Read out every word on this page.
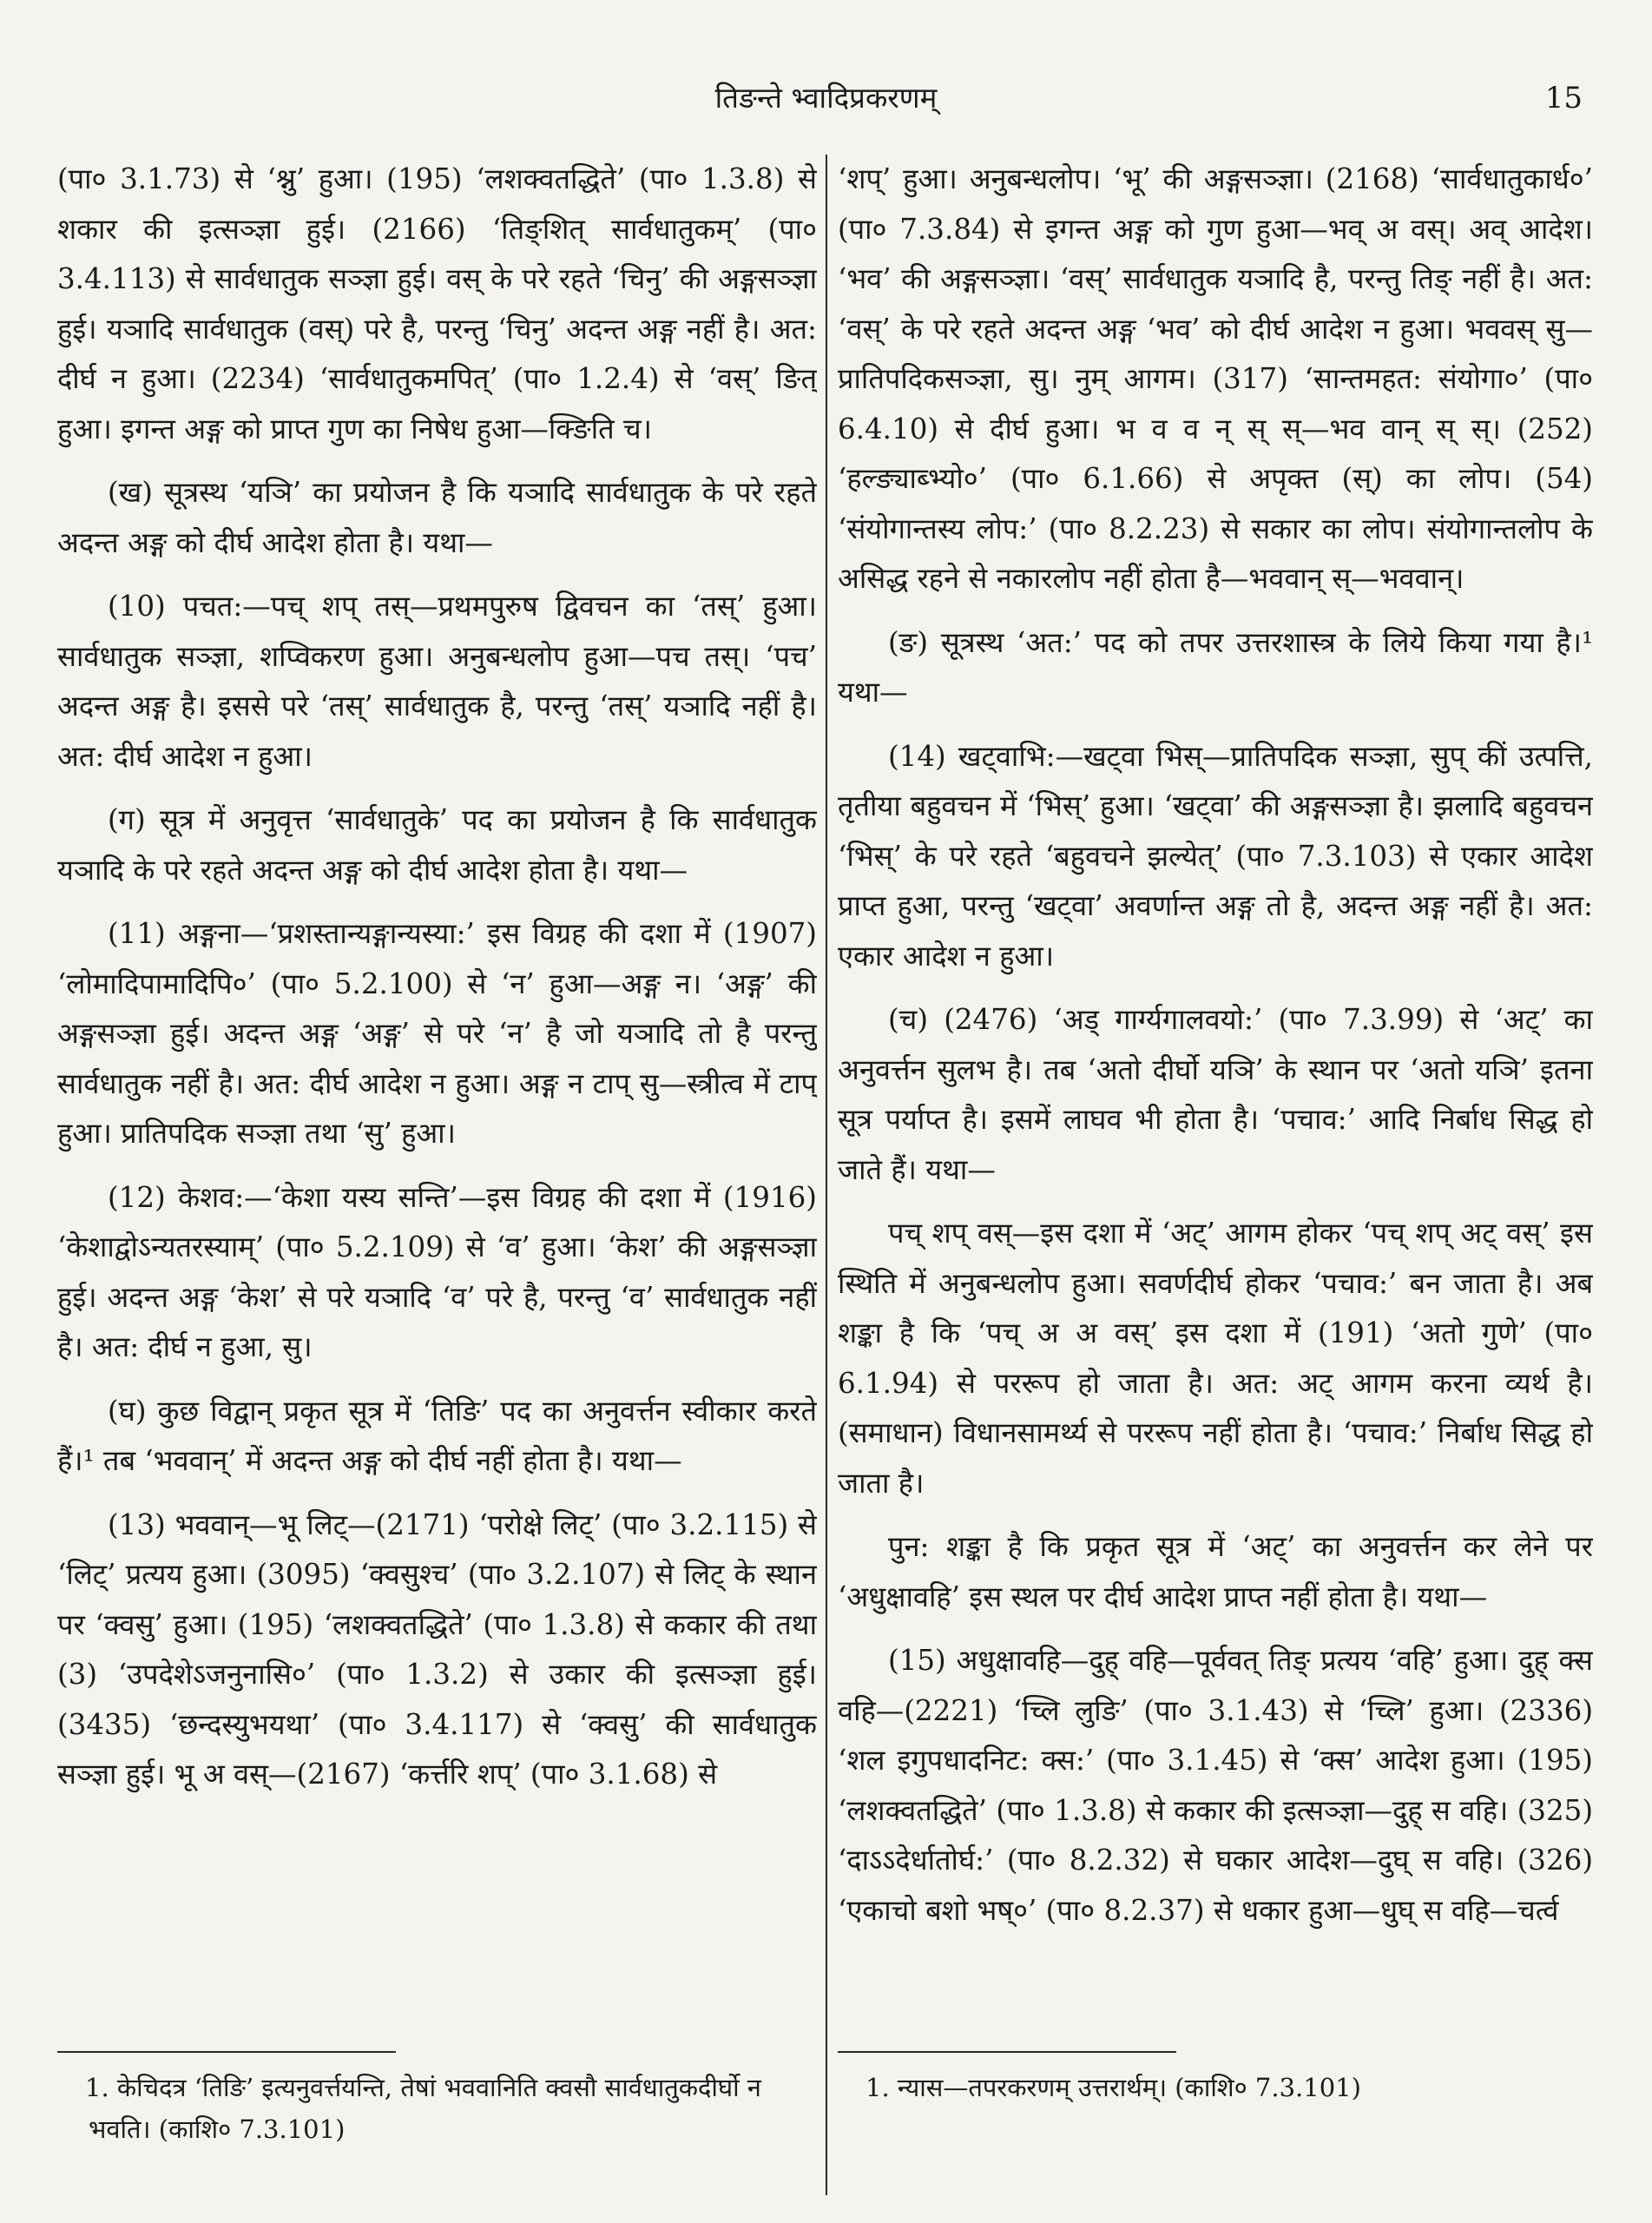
तिङन्ते भ्वादिप्रकरणम्	15

(पा० 3.1.73) से ‘श्नु’ हुआ। (195) ‘लशक्वतद्धिते’ (पा० 1.3.8) से शकार की इत्सञ्ज्ञा हुई। (2166) ‘तिङ्शित् सार्वधातुकम्’ (पा० 3.4.113) से सार्वधातुक सञ्ज्ञा हुई। वस् के परे रहते ‘चिनु’ की अङ्गसञ्ज्ञा हुई। यञादि सार्वधातुक (वस्) परे है, परन्तु ‘चिनु’ अदन्त अङ्ग नहीं है। अत: दीर्घ न हुआ। (2234) ‘सार्वधातुकमपित्’ (पा० 1.2.4) से ‘वस्’ ङित् हुआ। इगन्त अङ्ग को प्राप्त गुण का निषेध हुआ—क्ङिति च।

(ख) सूत्रस्थ ‘यञि’ का प्रयोजन है कि यञादि सार्वधातुक के परे रहते अदन्त अङ्ग को दीर्घ आदेश होता है। यथा—

(10) पचत:—पच् शप् तस्—प्रथमपुरुष द्विवचन का ‘तस्’ हुआ। सार्वधातुक सञ्ज्ञा, शप्विकरण हुआ। अनुबन्धलोप हुआ—पच तस्। ‘पच’ अदन्त अङ्ग है। इससे परे ‘तस्’ सार्वधातुक है, परन्तु ‘तस्’ यञादि नहीं है। अत: दीर्घ आदेश न हुआ।

(ग) सूत्र में अनुवृत्त ‘सार्वधातुके’ पद का प्रयोजन है कि सार्वधातुक यञादि के परे रहते अदन्त अङ्ग को दीर्घ आदेश होता है। यथा—

(11) अङ्गना—‘प्रशस्तान्यङ्गान्यस्या:’ इस विग्रह की दशा में (1907) ‘लोमादिपामादिपि०’ (पा० 5.2.100) से ‘न’ हुआ—अङ्ग न। ‘अङ्ग’ की अङ्गसञ्ज्ञा हुई। अदन्त अङ्ग ‘अङ्ग’ से परे ‘न’ है जो यञादि तो है परन्तु सार्वधातुक नहीं है। अत: दीर्घ आदेश न हुआ। अङ्ग न टाप् सु—स्त्रीत्व में टाप् हुआ। प्रातिपदिक सञ्ज्ञा तथा ‘सु’ हुआ।

(12) केशव:—‘केशा यस्य सन्ति’—इस विग्रह की दशा में (1916) ‘केशाद्वोऽन्यतरस्याम्’ (पा० 5.2.109) से ‘व’ हुआ। ‘केश’ की अङ्गसञ्ज्ञा हुई। अदन्त अङ्ग ‘केश’ से परे यञादि ‘व’ परे है, परन्तु ‘व’ सार्वधातुक नहीं है। अत: दीर्घ न हुआ, सु।

(घ) कुछ विद्वान् प्रकृत सूत्र में ‘तिङि’ पद का अनुवर्त्तन स्वीकार करते हैं।¹ तब ‘भववान्’ में अदन्त अङ्ग को दीर्घ नहीं होता है। यथा—

(13) भववान्—भू लिट्—(2171) ‘परोक्षे लिट्’ (पा० 3.2.115) से ‘लिट्’ प्रत्यय हुआ। (3095) ‘क्वसुश्च’ (पा० 3.2.107) से लिट् के स्थान पर ‘क्वसु’ हुआ। (195) ‘लशक्वतद्धिते’ (पा० 1.3.8) से ककार की तथा (3) ‘उपदेशेऽजनुनासि०’ (पा० 1.3.2) से उकार की इत्सञ्ज्ञा हुई। (3435) ‘छन्दस्युभयथा’ (पा० 3.4.117) से ‘क्वसु’ की सार्वधातुक सञ्ज्ञा हुई। भू अ वस्—(2167) ‘कर्त्तरि शप्’ (पा० 3.1.68) से

1. केचिदत्र ‘तिङि’ इत्यनुवर्त्तयन्ति, तेषां भववानिति क्वसौ सार्वधातुकदीर्घो न भवति। (काशि० 7.3.101)

‘शप्’ हुआ। अनुबन्धलोप। ‘भू’ की अङ्गसञ्ज्ञा। (2168) ‘सार्वधातुकार्ध०’ (पा० 7.3.84) से इगन्त अङ्ग को गुण हुआ—भव् अ वस्। अव् आदेश। ‘भव’ की अङ्गसञ्ज्ञा। ‘वस्’ सार्वधातुक यञादि है, परन्तु तिङ् नहीं है। अत: ‘वस्’ के परे रहते अदन्त अङ्ग ‘भव’ को दीर्घ आदेश न हुआ। भववस् सु—प्रातिपदिकसञ्ज्ञा, सु। नुम् आगम। (317) ‘सान्तमहत: संयोगा०’ (पा० 6.4.10) से दीर्घ हुआ। भ व व न् स् स्—भव वान् स् स्। (252) ‘हल्ङ्याब्भ्यो०’ (पा० 6.1.66) से अपृक्त (स्) का लोप। (54) ‘संयोगान्तस्य लोप:’ (पा० 8.2.23) से सकार का लोप। संयोगान्तलोप के असिद्ध रहने से नकारलोप नहीं होता है—भववान् स्—भववान्।

(ङ) सूत्रस्थ ‘अत:’ पद को तपर उत्तरशास्त्र के लिये किया गया है।¹ यथा—

(14) खट्वाभि:—खट्वा भिस्—प्रातिपदिक सञ्ज्ञा, सुप् कीं उत्पत्ति, तृतीया बहुवचन में ‘भिस्’ हुआ। ‘खट्वा’ की अङ्गसञ्ज्ञा है। झलादि बहुवचन ‘भिस्’ के परे रहते ‘बहुवचने झल्येत्’ (पा० 7.3.103) से एकार आदेश प्राप्त हुआ, परन्तु ‘खट्वा’ अवर्णान्त अङ्ग तो है, अदन्त अङ्ग नहीं है। अत: एकार आदेश न हुआ।

(च) (2476) ‘अड् गार्ग्यगालवयो:’ (पा० 7.3.99) से ‘अट्’ का अनुवर्त्तन सुलभ है। तब ‘अतो दीर्घो यञि’ के स्थान पर ‘अतो यञि’ इतना सूत्र पर्याप्त है। इसमें लाघव भी होता है। ‘पचाव:’ आदि निर्बाध सिद्ध हो जाते हैं। यथा—

पच् शप् वस्—इस दशा में ‘अट्’ आगम होकर ‘पच् शप् अट् वस्’ इस स्थिति में अनुबन्धलोप हुआ। सवर्णदीर्घ होकर ‘पचाव:’ बन जाता है। अब शङ्का है कि ‘पच् अ अ वस्’ इस दशा में (191) ‘अतो गुणे’ (पा० 6.1.94) से पररूप हो जाता है। अत: अट् आगम करना व्यर्थ है। (समाधान) विधानसामर्थ्य से पररूप नहीं होता है। ‘पचाव:’ निर्बाध सिद्ध हो जाता है।

पुन: शङ्का है कि प्रकृत सूत्र में ‘अट्’ का अनुवर्त्तन कर लेने पर ‘अधुक्षावहि’ इस स्थल पर दीर्घ आदेश प्राप्त नहीं होता है। यथा—

(15) अधुक्षावहि—दुह् वहि—पूर्ववत् तिङ् प्रत्यय ‘वहि’ हुआ। दुह् क्स वहि—(2221) ‘च्लि लुङि’ (पा० 3.1.43) से ‘च्लि’ हुआ। (2336) ‘शल इगुपधादनिट: क्स:’ (पा० 3.1.45) से ‘क्स’ आदेश हुआ। (195) ‘लशक्वतद्धिते’ (पा० 1.3.8) से ककार की इत्सञ्ज्ञा—दुह् स वहि। (325) ‘दाऽऽदेर्धातोर्घ:’ (पा० 8.2.32) से घकार आदेश—दुघ् स वहि। (326) ‘एकाचो बशो भष्०’ (पा० 8.2.37) से धकार हुआ—धुघ् स वहि—चर्त्व

1. न्यास—तपरकरणम् उत्तरार्थम्। (काशि० 7.3.101)
